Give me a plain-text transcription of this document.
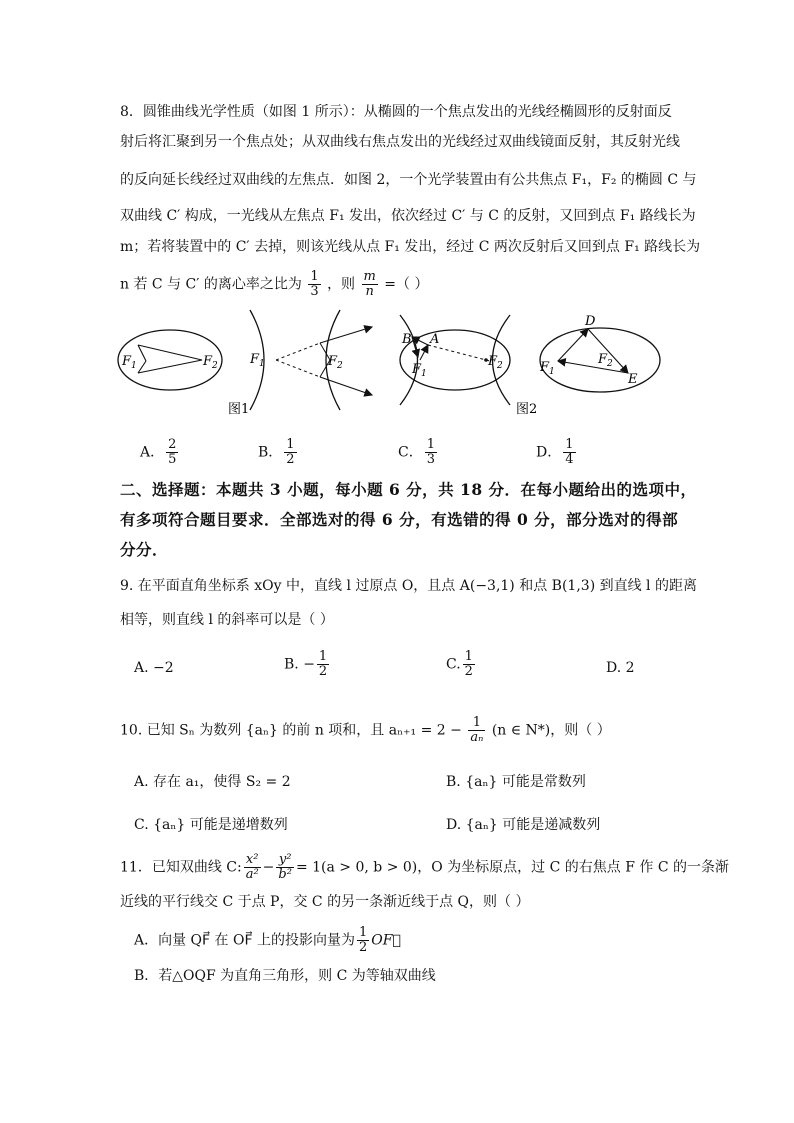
8．圆锥曲线光学性质（如图 1 所示）：从椭圆的一个焦点发出的光线经椭圆形的反射面反
射后将汇聚到另一个焦点处；从双曲线右焦点发出的光线经过双曲线镜面反射，其反射光线
的反向延长线经过双曲线的左焦点．如图 2，一个光学装置由有公共焦点 F₁，F₂ 的椭圆 C 与
双曲线 C′ 构成，一光线从左焦点 F₁ 发出，依次经过 C′ 与 C 的反射，又回到点 F₁ 路线长为
m；若将装置中的 C′ 去掉，则该光线从点 F₁ 发出，经过 C 两次反射后又回到点 F₁ 路线长为
n 若 C 与 C′ 的离心率之比为 $\frac{1}{3}$ ，则 $\frac{m}{n}$ =（ ）
$F_1$	$F_2$ $F_1$	$F_2$
图1
B A
$F_1$
$F_2$
D
E
$F_1$
$F_2$
图2
A． $\frac{2}{5}$	B． $\frac{1}{2}$	C． $\frac{1}{3}$	D． $\frac{1}{4}$
二、选择题：本题共 3 小题，每小题 6 分，共 18 分．在每小题给出的选项中，
有多项符合题目要求．全部选对的得 6 分，有选错的得 0 分，部分选对的得部
分分．
9. 在平面直角坐标系 xOy 中，直线 l 过原点 O，且点 A(−3,1) 和点 B(1,3) 到直线 l 的距离
相等，则直线 l 的斜率可以是（ ）
A. −2	B. − $\frac{1}{2}$	C. $\frac{1}{2}$	D. 2
10. 已知 Sₙ 为数列 {aₙ} 的前 n 项和，且 $a_{n+1} = 2 - \frac{1}{\text{aₙ}} (n$ ∈ N*)，则（ ）
A. 存在 a₁，使得 S₂ = 2	B. {aₙ} 可能是常数列
C. {aₙ} 可能是递增数列	D. {aₙ} 可能是递减数列
11．已知双曲线 C: $\frac{\text{x²}}{\text{a²}} - \frac{\text{y²}}{\text{b²}} = 1(a > 0$, b > 0)，O 为坐标原点，过 C 的右焦点 F 作 C 的一条渐
近线的平行线交 C 于点 P，交 C 的另一条渐近线于点 Q，则（ ）
A．向量 QF⃗ 在 OF⃗ 上的投影向量为 $\frac{1}{2}$ OF⃗
B．若△OQF 为直角三角形，则 C 为等轴双曲线
